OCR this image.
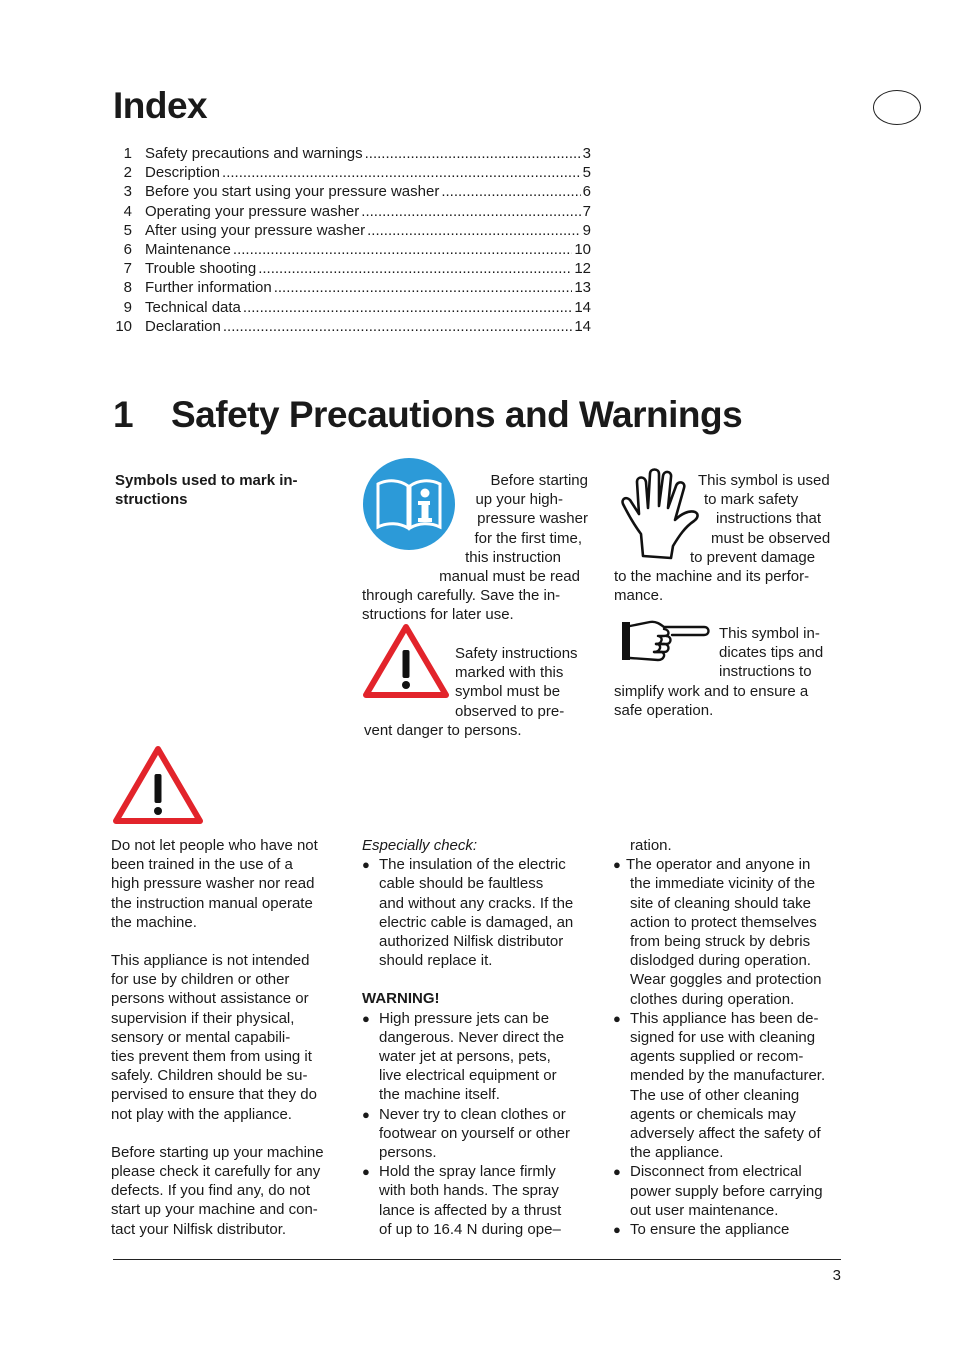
Index
1 Safety precautions and warnings .....	3
2 Description .....	5
3 Before you start using your pressure washer .....	6
4 Operating your pressure washer .....	7
5 After using your pressure washer .....	9
6 Maintenance .....	10
7 Trouble shooting .....	12
8 Further information .....	13
9 Technical data .....	14
10 Declaration .....	14
1 Safety Precautions and Warnings
Symbols used to mark in-
structions
Before starting
up your high-
pressure washer
for the first time,
this instruction
manual must be read
through carefully. Save the in-
structions for later use.
Safety instructions
marked with this
symbol must be
observed to pre-
vent danger to persons.
This symbol is used
to mark safety
instructions that
must be observed
to prevent damage
to the machine and its perfor-
mance.
This symbol in-
dicates tips and
instructions to
simplify work and to ensure a
safe operation.
Do not let people who have not
been trained in the use of a
high pressure washer nor read
the instruction manual operate
the machine.
This appliance is not intended
for use by children or other
persons without assistance or
supervision if their physical,
sensory or mental capabili-
ties prevent them from using it
safely. Children should be su-
pervised to ensure that they do
not play with the appliance.
Before starting up your machine
please check it carefully for any
defects. If you find any, do not
start up your machine and con-
tact your Nilfisk distributor.
Especially check:
● The insulation of the electric
cable should be faultless
and without any cracks. If the
electric cable is damaged, an
authorized Nilfisk distributor
should replace it.
WARNING!
● High pressure jets can be
dangerous. Never direct the
water jet at persons, pets,
live electrical equipment or
the machine itself.
● Never try to clean clothes or
footwear on yourself or other
persons.
● Hold the spray lance firmly
with both hands. The spray
lance is affected by a thrust
of up to 16.4 N during ope–
ration.
● The operator and anyone in
the immediate vicinity of the
site of cleaning should take
action to protect themselves
from being struck by debris
dislodged during operation.
Wear goggles and protection
clothes during operation.
● This appliance has been de-
signed for use with cleaning
agents supplied or recom-
mended by the manufacturer.
The use of other cleaning
agents or chemicals may
adversely affect the safety of
the appliance.
● Disconnect from electrical
power supply before carrying
out user maintenance.
● To ensure the appliance
3
